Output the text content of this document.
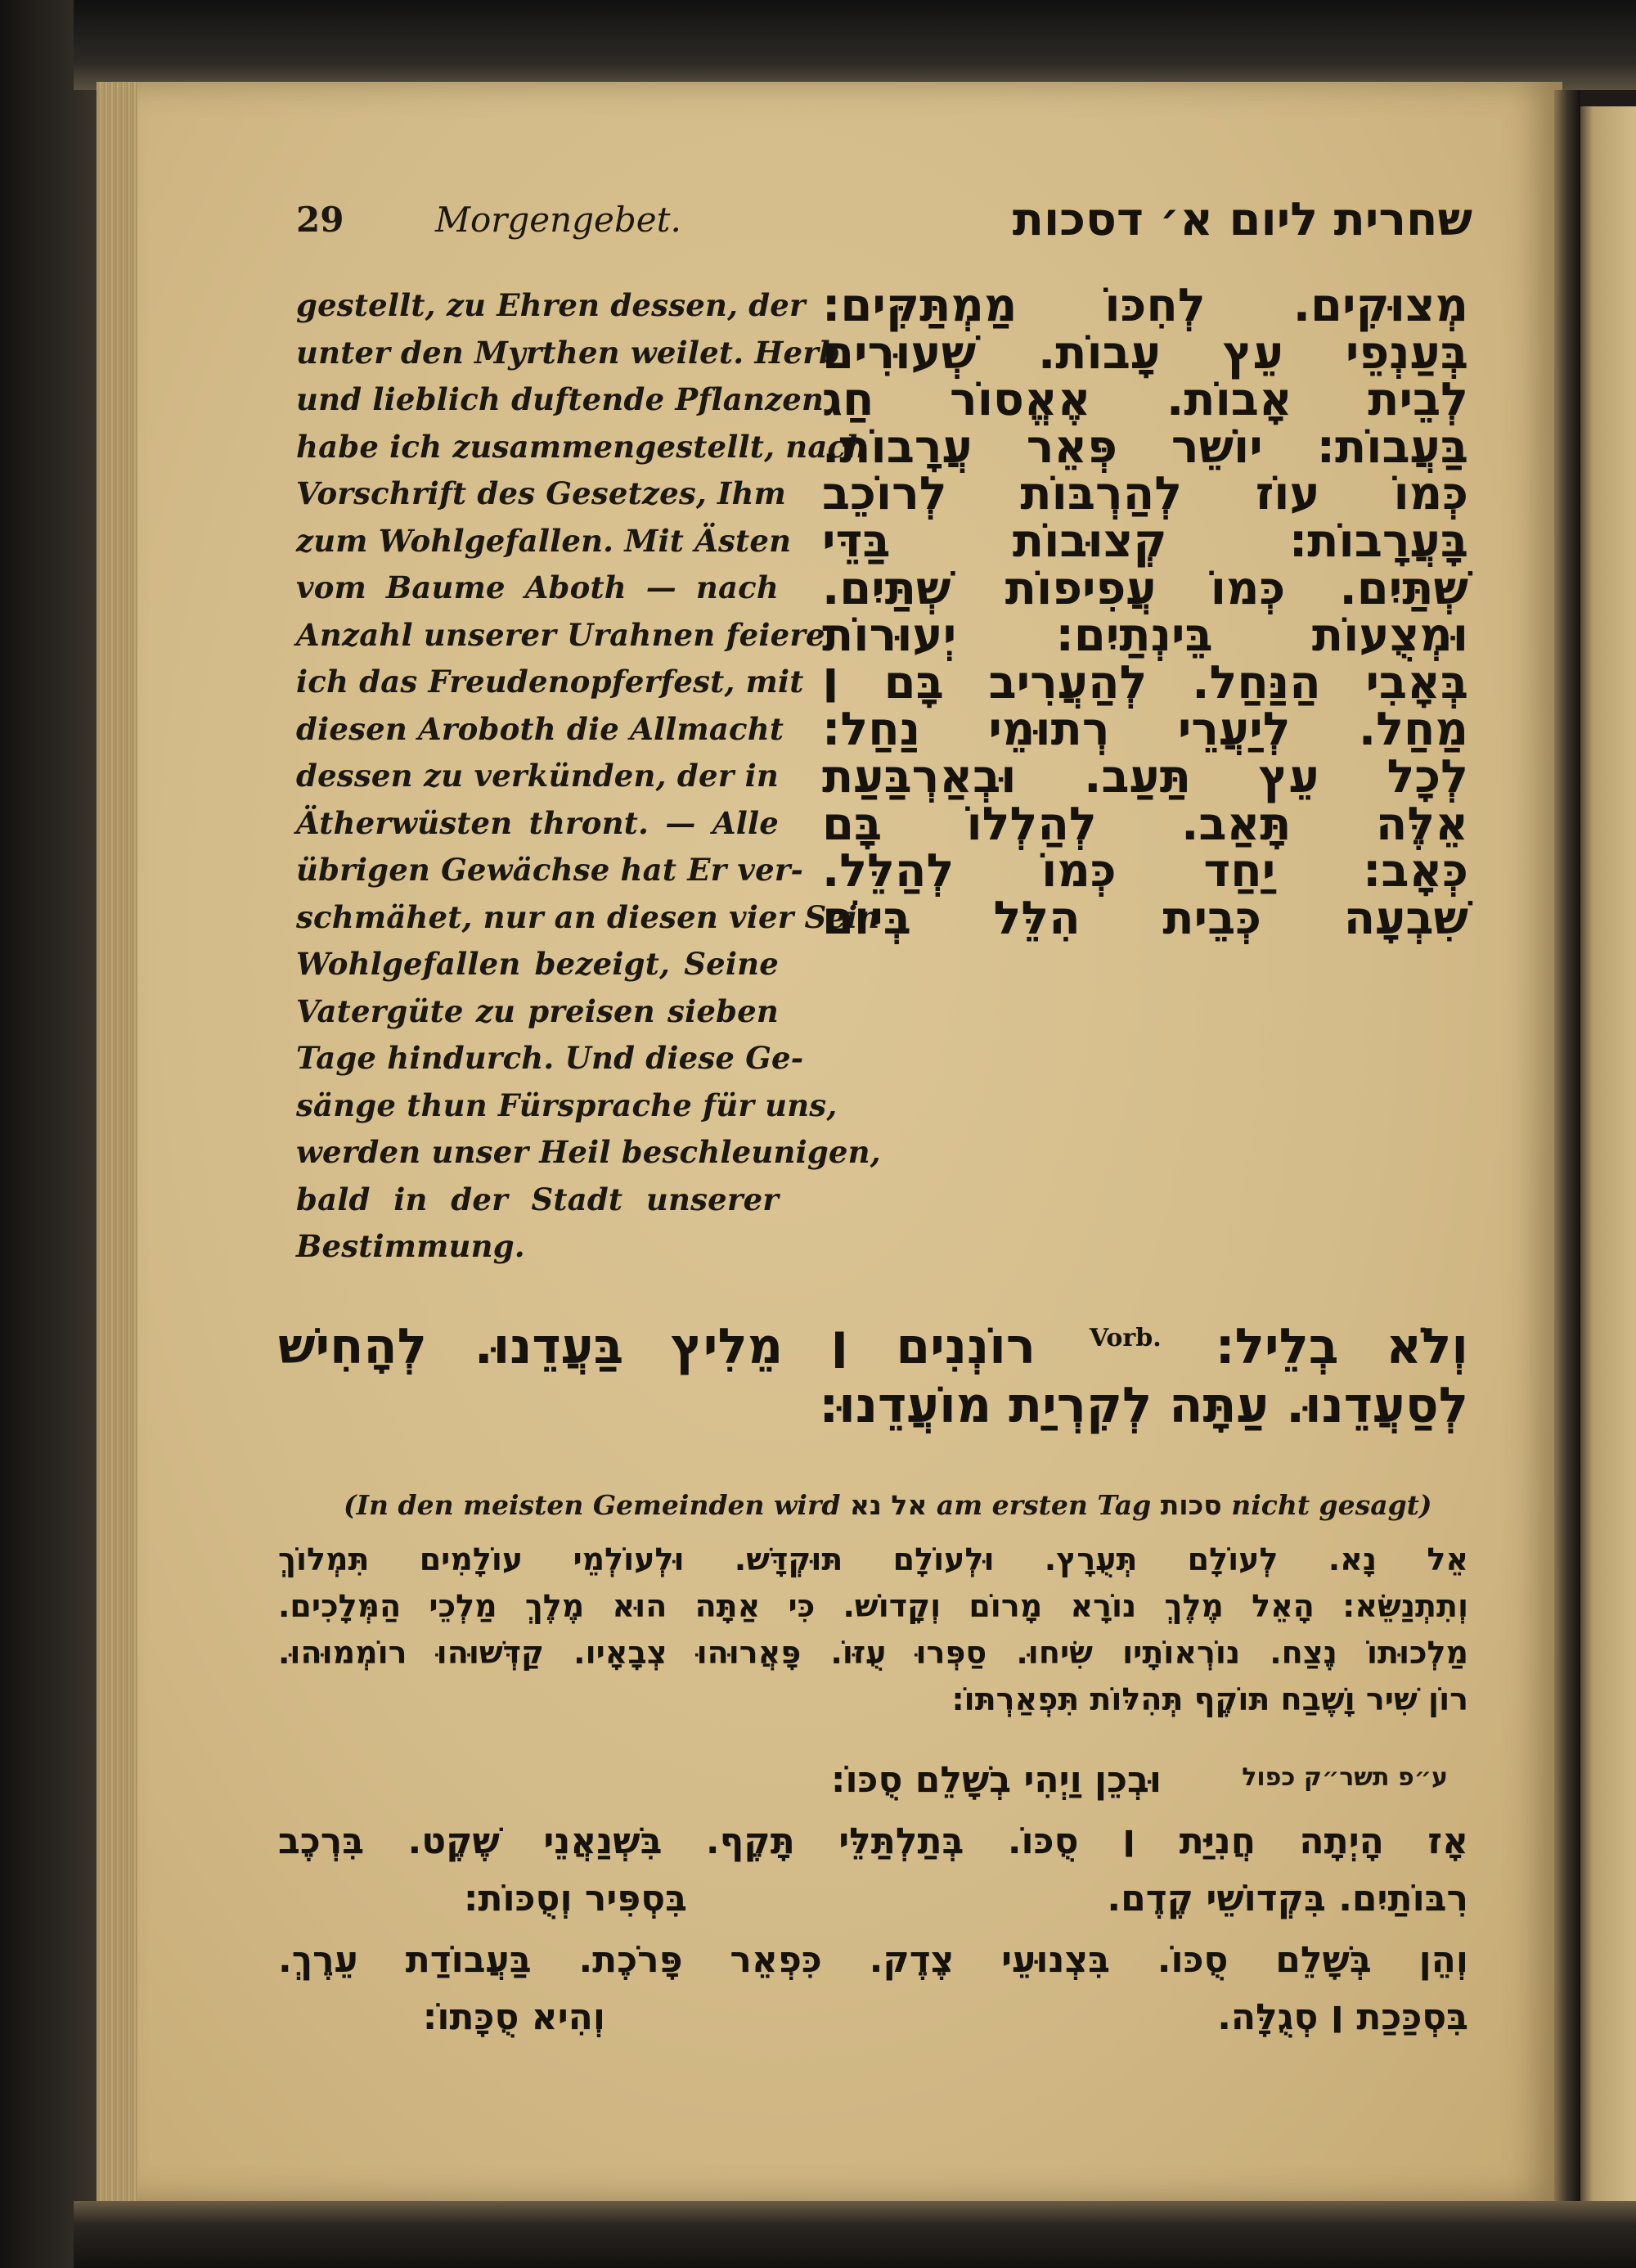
29	Morgengebet.	שחרית ליום א׳ דסכות
gestellt, zu Ehren dessen, der
unter den Myrthen weilet. Herb
und lieblich duftende Pflanzen
habe ich zusammengestellt, nach
Vorschrift des Gesetzes, Ihm
zum Wohlgefallen. Mit Ästen
vom Baume Aboth — nach
Anzahl unserer Urahnen feiere
ich das Freudenopferfest, mit
diesen Aroboth die Allmacht
dessen zu verkünden, der in
Ätherwüsten thront. — Alle
übrigen Gewächse hat Er ver-
schmähet, nur an diesen vier Sein
Wohlgefallen bezeigt, Seine
Vatergüte zu preisen sieben
Tage hindurch. Und diese Ge-
sänge thun Fürsprache für uns,
werden unser Heil beschleunigen,
bald in der Stadt unserer
Bestimmung.
מְצוּקִים. לְחִכּוֹ מַמְתַּקִּים:
בְּעַנְפֵי עֵץ עָבוֹת. שְׁעוּרִים
לְבֵית אָבוֹת. אֶאֱסוֹר חַג
בַּעֲבוֹת: יוֹשֵׁר פְּאֵר עֲרָבוֹת.
כְּמוֹ עוֹז לְהַרְבּוֹת לְרוֹכֵב
בָּעֲרָבוֹת: קְצוּבוֹת בַּדֵּי
שְׁתַּיִם. כְּמוֹ עֲפִיפוֹת שְׁתַּיִם.
וּמְצֻעוֹת בֵּינְתַיִם: יְעוּרוֹת
בְּאָבִי הַנַּחַל. לְהַעֲרִיב בָּם ׀
מַחַל. לְיַעֲרֵי רְתוּמֵי נַחַל:
לְכָל עֵץ תַּעַב. וּבְאַרְבַּעַת
אֵלֶּה תָּאַב. לְהַלְלוֹ בָּם
כְּאָב: יַחַד כְּמוֹ לְהַלֵּל.
שִׁבְעָה כְּבֵית הִלֵּל בְּיוֹם
וְלֹא בְלֵיל: $^{Vorb.}$ רוֹנְנִים ׀ מֵלִיץ בַּעֲדֵנוּ. לְהָחִישׁ
לְסַעֲדֵנוּ. עַתָּה לְקִרְיַת מוֹעֲדֵנוּ:
(In den meisten Gemeinden wird אל נא am ersten Tag סכות nicht gesagt)
אֵל נָא. לְעוֹלָם תְּעֻרָץ. וּלְעוֹלָם תּוּקְדָּשׁ. וּלְעוֹלְמֵי עוֹלָמִים תִּמְלוֹךְ
וְתִתְנַשֵּׂא: הָאֵל מֶלֶךְ נוֹרָא מָרוֹם וְקָדוֹשׁ. כִּי אַתָּה הוּא מֶלֶךְ מַלְכֵי הַמְּלָכִים.
מַלְכוּתוֹ נֶצַח. נוֹרְאוֹתָיו שִׂיחוּ. סַפְּרוּ עֻזּוֹ. פָּאֲרוּהוּ צְבָאָיו. קַדְּשׁוּהוּ רוֹמְמוּהוּ.
רוֹן שִׁיר וָשֶׁבַח תּוֹקֶף תְּהִלּוֹת תִּפְאַרְתּוֹ:
ע״פ תשר״ק כפול
וּבְכֵן וַיְהִי בְשָׁלֵם סֻכּוֹ:
אָז הָיְתָה חֲנִיַּת ׀ סֻכּוֹ. בְּתַלְתַּלֵּי תָּקֶף. בִּשְׁנַאֲנֵי שֶׁקֶט. בִּרְכֶב
רִבּוֹתַיִם. בִּקְדוֹשֵׁי קֶדֶם.
בִּסְפִּיר וְסֻכּוֹת:
וְהֵן בְּשָׁלֵם סֻכּוֹ. בִּצְנוּעֵי צֶדֶק. כִּפְאֵר פָּרֹכֶת. בַּעֲבוֹדַת עֵרֶךְ.
בִּסְכַּכַת ׀ סְגֻלָּה.
וְהִיא סֻכָּתוֹ:
